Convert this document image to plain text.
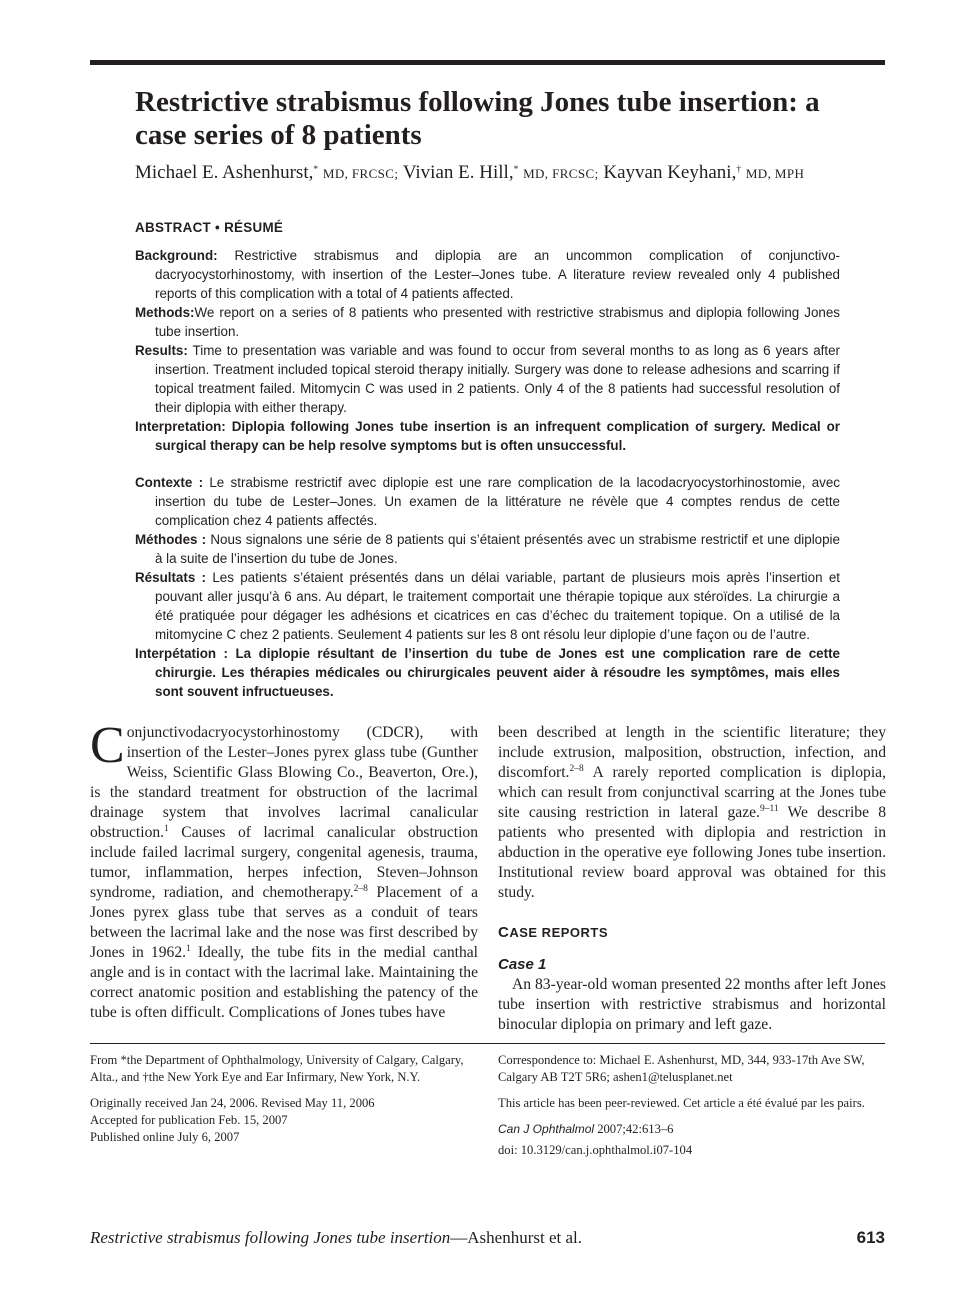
Restrictive strabismus following Jones tube insertion: a case series of 8 patients
Michael E. Ashenhurst,* MD, FRCSC; Vivian E. Hill,* MD, FRCSC; Kayvan Keyhani,† MD, MPH
ABSTRACT • RÉSUMÉ

Background: Restrictive strabismus and diplopia are an uncommon complication of conjunctivo-dacryocystorhinostomy, with insertion of the Lester–Jones tube. A literature review revealed only 4 published reports of this complication with a total of 4 patients affected.

Methods:We report on a series of 8 patients who presented with restrictive strabismus and diplopia following Jones tube insertion.

Results: Time to presentation was variable and was found to occur from several months to as long as 6 years after insertion. Treatment included topical steroid therapy initially. Surgery was done to release adhesions and scarring if topical treatment failed. Mitomycin C was used in 2 patients. Only 4 of the 8 patients had successful resolution of their diplopia with either therapy.

Interpretation: Diplopia following Jones tube insertion is an infrequent complication of surgery. Medical or surgical therapy can be help resolve symptoms but is often unsuccessful.

Contexte : Le strabisme restrictif avec diplopie est une rare complication de la lacodacryocystorhinostomie, avec insertion du tube de Lester–Jones. Un examen de la littérature ne révèle que 4 comptes rendus de cette complication chez 4 patients affectés.

Méthodes : Nous signalons une série de 8 patients qui s’étaient présentés avec un strabisme restrictif et une diplopie à la suite de l’insertion du tube de Jones.

Résultats : Les patients s’étaient présentés dans un délai variable, partant de plusieurs mois après l’insertion et pouvant aller jusqu’à 6 ans. Au départ, le traitement comportait une thérapie topique aux stéroïdes. La chirurgie a été pratiquée pour dégager les adhésions et cicatrices en cas d’échec du traitement topique. On a utilisé de la mitomycine C chez 2 patients. Seulement 4 patients sur les 8 ont résolu leur diplopie d’une façon ou de l’autre.

Interpétation : La diplopie résultant de l’insertion du tube de Jones est une complication rare de cette chirurgie. Les thérapies médicales ou chirurgicales peuvent aider à résoudre les symptômes, mais elles sont souvent infructueuses.

Conjunctivodacryocystorhinostomy (CDCR), with insertion of the Lester–Jones pyrex glass tube (Gunther Weiss, Scientific Glass Blowing Co., Beaverton, Ore.), is the standard treatment for obstruction of the lacrimal drainage system that involves lacrimal canalicular obstruction.$^1$ Causes of lacrimal canalicular obstruction include failed lacrimal surgery, congenital agenesis, trauma, tumor, inflammation, herpes infection, Steven–Johnson syndrome, radiation, and chemotherapy.$^{2-8}$ Placement of a Jones pyrex glass tube that serves as a conduit of tears between the lacrimal lake and the nose was first described by Jones in 1962.$^1$ Ideally, the tube fits in the medial canthal angle and is in contact with the lacrimal lake. Maintaining the correct anatomic position and establishing the patency of the tube is often difficult. Complications of Jones tubes have

been described at length in the scientific literature; they include extrusion, malposition, obstruction, infection, and discomfort.$^{2-8}$ A rarely reported complication is diplopia, which can result from conjunctival scarring at the Jones tube site causing restriction in lateral gaze.$^{9-11}$ We describe 8 patients who presented with diplopia and restriction in abduction in the operative eye following Jones tube insertion. Institutional review board approval was obtained for this study.

CASE REPORTS

Case 1

An 83-year-old woman presented 22 months after left Jones tube insertion with restrictive strabismus and horizontal binocular diplopia on primary and left gaze.

From *the Department of Ophthalmology, University of Calgary, Calgary, Alta., and †the New York Eye and Ear Infirmary, New York, N.Y.

Originally received Jan 24, 2006. Revised May 11, 2006
Accepted for publication Feb. 15, 2007
Published online July 6, 2007

Correspondence to: Michael E. Ashenhurst, MD, 344, 933-17th Ave SW, Calgary AB T2T 5R6; ashen1@telusplanet.net

This article has been peer-reviewed. Cet article a été évalué par les pairs.

Can J Ophthalmol 2007;42:613–6

doi: 10.3129/can.j.ophthalmol.i07-104

Restrictive strabismus following Jones tube insertion—Ashenhurst et al.	613
